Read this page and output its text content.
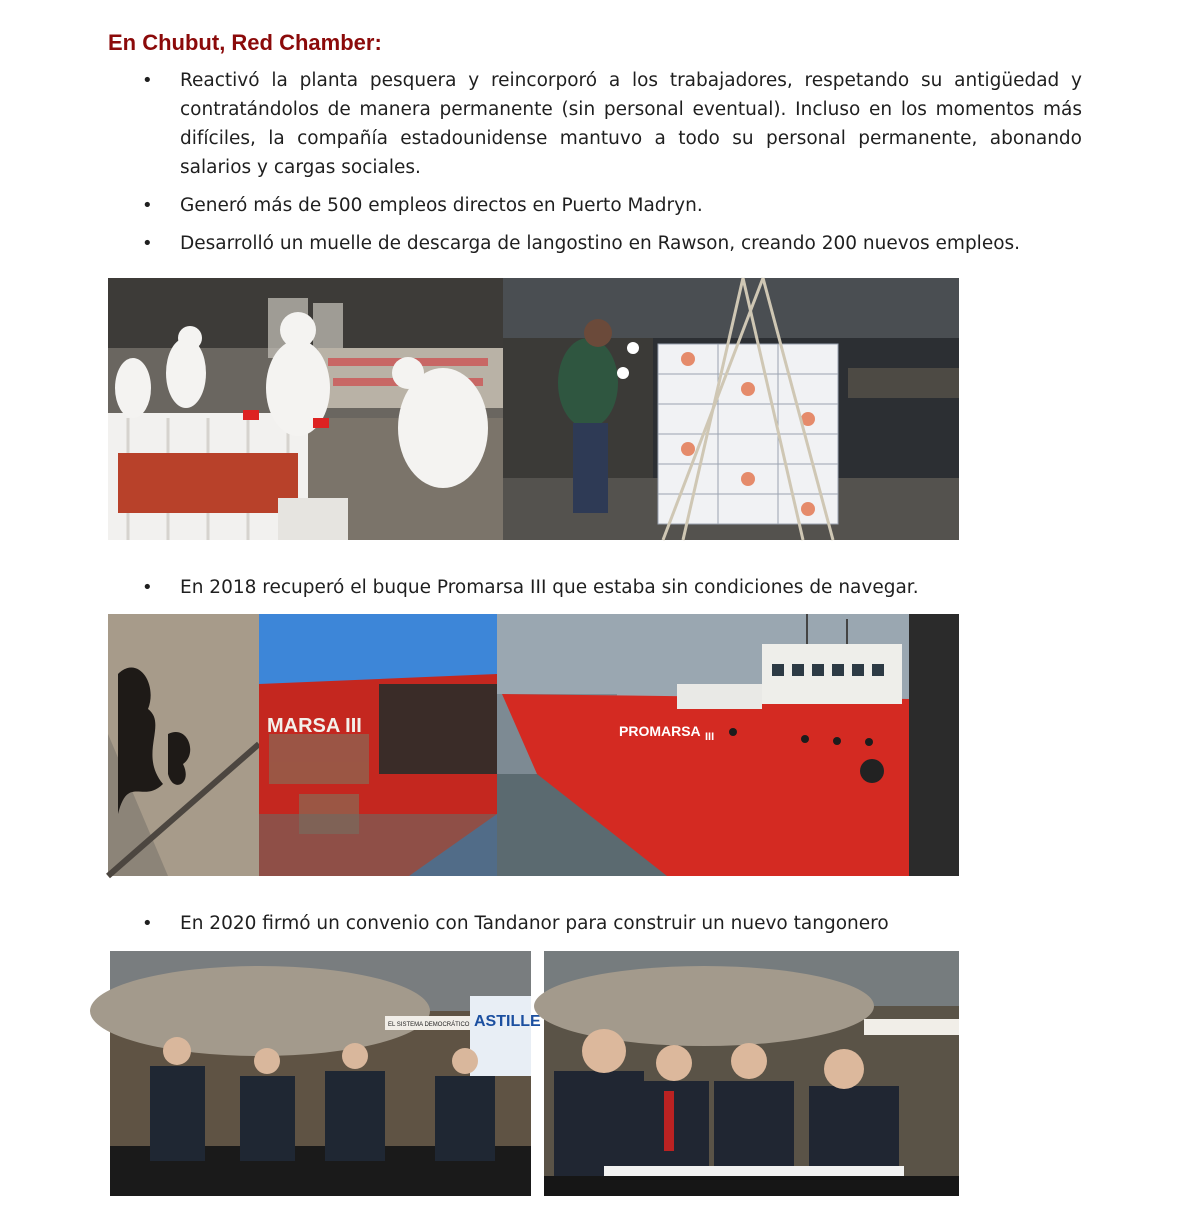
En Chubut, Red Chamber:
• Reactivó la planta pesquera y reincorporó a los trabajadores, respetando su antigüedad y contratándolos de manera permanente (sin personal eventual). Incluso en los momentos más difíciles, la compañía estadounidense mantuvo a todo su personal permanente, abonando salarios y cargas sociales.
• Generó más de 500 empleos directos en Puerto Madryn.
• Desarrolló un muelle de descarga de langostino en Rawson, creando 200 nuevos empleos.
• En 2018 recuperó el buque Promarsa III que estaba sin condiciones de navegar.
MARSA III	PROMARSA III
• En 2020 firmó un convenio con Tandanor para construir un nuevo tangonero
ASTILLE
EL SISTEMA DEMOCRÁTICO
